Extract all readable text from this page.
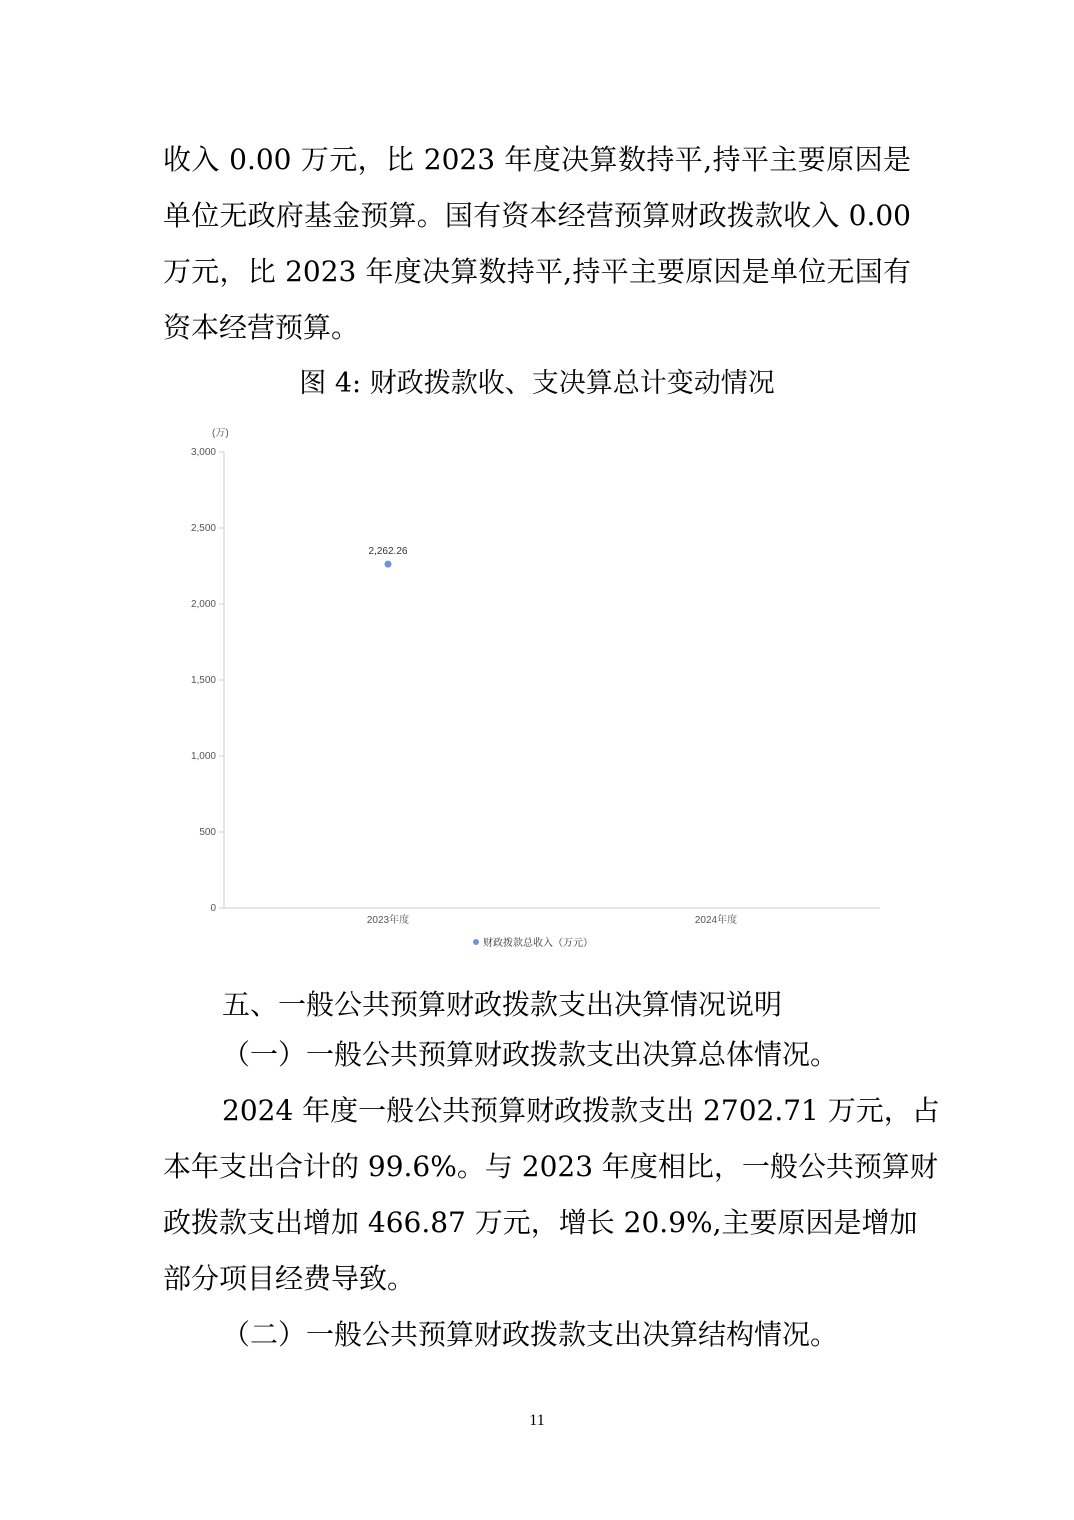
收入 0.00 万元，比 2023 年度决算数持平,持平主要原因是
单位无政府基金预算。国有资本经营预算财政拨款收入 0.00
万元，比 2023 年度决算数持平,持平主要原因是单位无国有
资本经营预算。
图 4: 财政拨款收、支决算总计变动情况
(万)
0
500
1,000
1,500
2,000
2,500
3,000
2023年度	2024年度
2,262.26
财政拨款总收入（万元）
五、一般公共预算财政拨款支出决算情况说明
（一）一般公共预算财政拨款支出决算总体情况。
2024 年度一般公共预算财政拨款支出 2702.71 万元，占
本年支出合计的 99.6%。与 2023 年度相比，一般公共预算财
政拨款支出增加 466.87 万元，增长 20.9%,主要原因是增加
部分项目经费导致。
（二）一般公共预算财政拨款支出决算结构情况。
11
